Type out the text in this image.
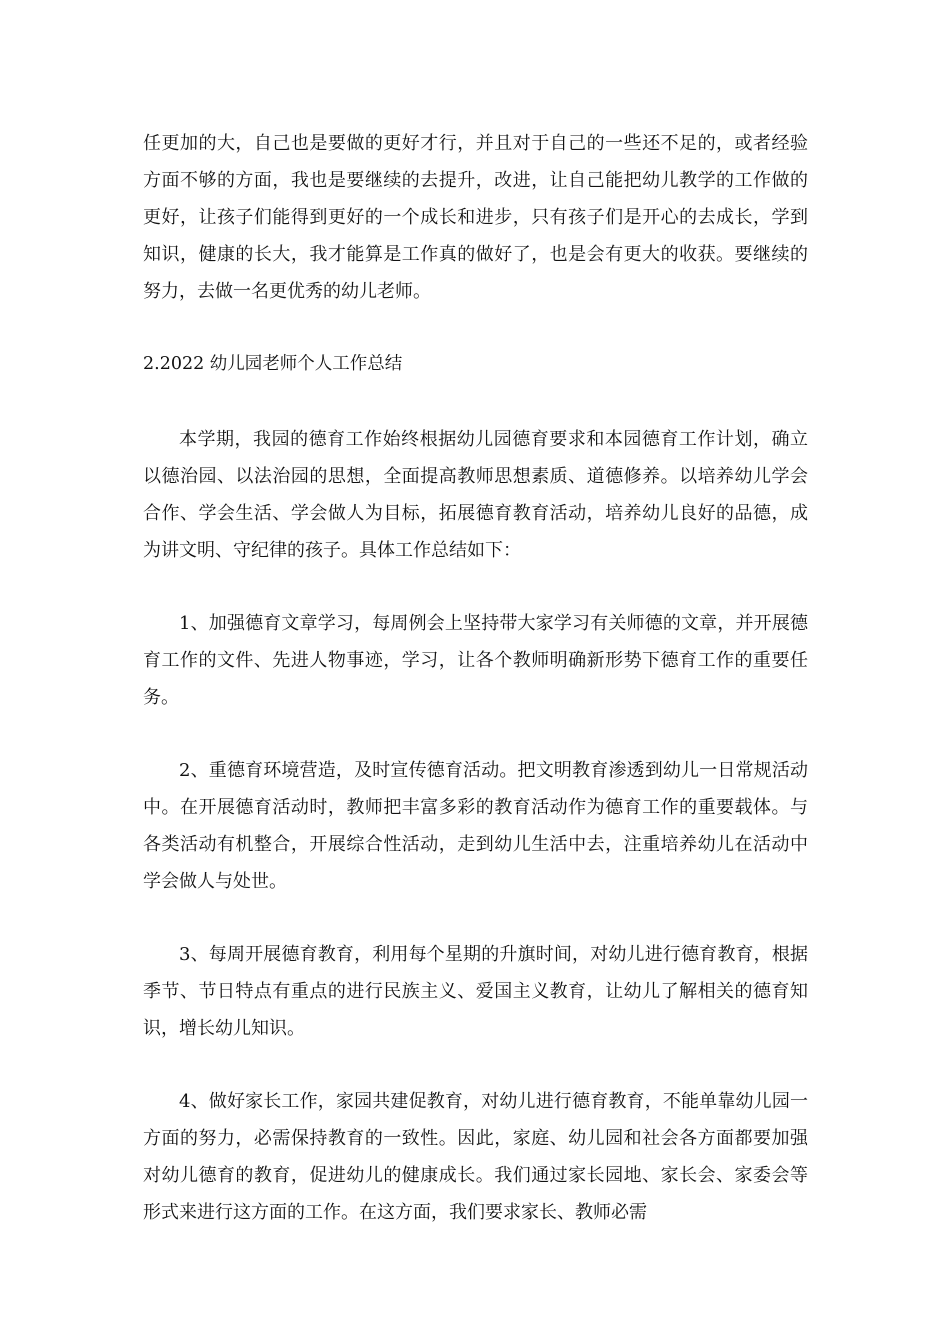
任更加的大，自己也是要做的更好才行，并且对于自己的一些还不足的，或者经验方面不够的方面，我也是要继续的去提升，改进，让自己能把幼儿教学的工作做的更好，让孩子们能得到更好的一个成长和进步，只有孩子们是开心的去成长，学到知识，健康的长大，我才能算是工作真的做好了，也是会有更大的收获。要继续的努力，去做一名更优秀的幼儿老师。

2.2022 幼儿园老师个人工作总结

本学期，我园的德育工作始终根据幼儿园德育要求和本园德育工作计划，确立以德治园、以法治园的思想，全面提高教师思想素质、道德修养。以培养幼儿学会合作、学会生活、学会做人为目标，拓展德育教育活动，培养幼儿良好的品德，成为讲文明、守纪律的孩子。具体工作总结如下：

1、加强德育文章学习，每周例会上坚持带大家学习有关师德的文章，并开展德育工作的文件、先进人物事迹，学习，让各个教师明确新形势下德育工作的重要任务。

2、重德育环境营造，及时宣传德育活动。把文明教育渗透到幼儿一日常规活动中。在开展德育活动时，教师把丰富多彩的教育活动作为德育工作的重要载体。与各类活动有机整合，开展综合性活动，走到幼儿生活中去，注重培养幼儿在活动中学会做人与处世。

3、每周开展德育教育，利用每个星期的升旗时间，对幼儿进行德育教育，根据季节、节日特点有重点的进行民族主义、爱国主义教育，让幼儿了解相关的德育知识，增长幼儿知识。

4、做好家长工作，家园共建促教育，对幼儿进行德育教育，不能单靠幼儿园一方面的努力，必需保持教育的一致性。因此，家庭、幼儿园和社会各方面都要加强对幼儿德育的教育，促进幼儿的健康成长。我们通过家长园地、家长会、家委会等形式来进行这方面的工作。在这方面，我们要求家长、教师必需
